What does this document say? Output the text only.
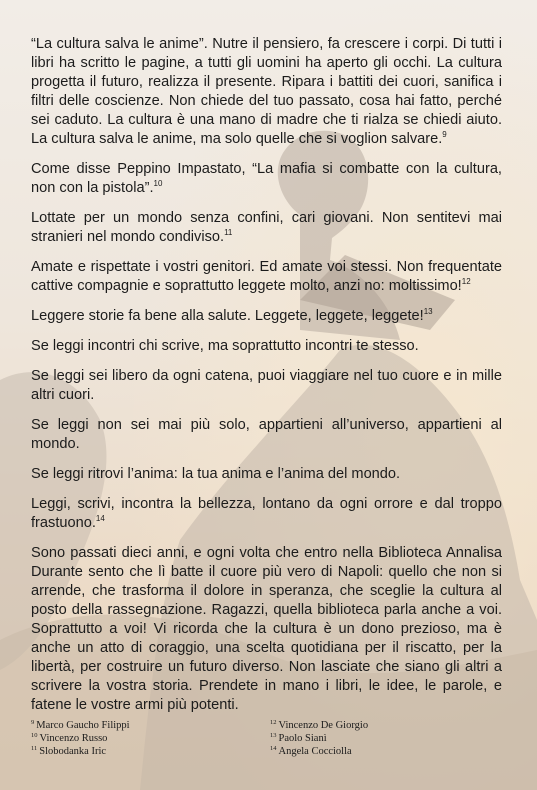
“La cultura salva le anime”. Nutre il pensiero, fa crescere i corpi. Di tutti i libri ha scritto le pagine, a tutti gli uomini ha aperto gli occhi. La cultura progetta il futuro, realizza il presente. Ripara i battiti dei cuori, sanifica i filtri delle coscienze. Non chiede del tuo passato, cosa hai fatto, perché sei caduto. La cultura è una mano di madre che ti rialza se chiedi aiuto. La cultura salva le anime, ma solo quelle che si voglion salvare.$^9$

Come disse Peppino Impastato, “La mafia si combatte con la cultura, non con la pistola”.$^{10}$

Lottate per un mondo senza confini, cari giovani. Non sentitevi mai stranieri nel mondo condiviso.$^{11}$

Amate e rispettate i vostri genitori. Ed amate voi stessi. Non frequentate cattive compagnie e soprattutto leggete molto, anzi no: moltissimo!$^{12}$

Leggere storie fa bene alla salute. Leggete, leggete, leggete!$^{13}$

Se leggi incontri chi scrive, ma soprattutto incontri te stesso.

Se leggi sei libero da ogni catena, puoi viaggiare nel tuo cuore e in mille altri cuori.

Se leggi non sei mai più solo, appartieni all’universo, appartieni al mondo.

Se leggi ritrovi l’anima: la tua anima e l’anima del mondo.

Leggi, scrivi, incontra la bellezza, lontano da ogni orrore e dal troppo frastuono.$^{14}$

Sono passati dieci anni, e ogni volta che entro nella Biblioteca Annalisa Durante sento che lì batte il cuore più vero di Napoli: quello che non si arrende, che trasforma il dolore in speranza, che sceglie la cultura al posto della rassegnazione. Ragazzi, quella biblioteca parla anche a voi. Soprattutto a voi! Vi ricorda che la cultura è un dono prezioso, ma è anche un atto di coraggio, una scelta quotidiana per il riscatto, per la libertà, per costruire un futuro diverso. Non lasciate che siano gli altri a scrivere la vostra storia. Prendete in mano i libri, le idee, le parole, e fatene le vostre armi più potenti.

$^9$ Marco Gaucho Filippi
$^{10}$ Vincenzo Russo
$^{11}$ Slobodanka Iric
$^{12}$ Vincenzo De Giorgio
$^{13}$ Paolo Sianì
$^{14}$ Angela Cocciolla
